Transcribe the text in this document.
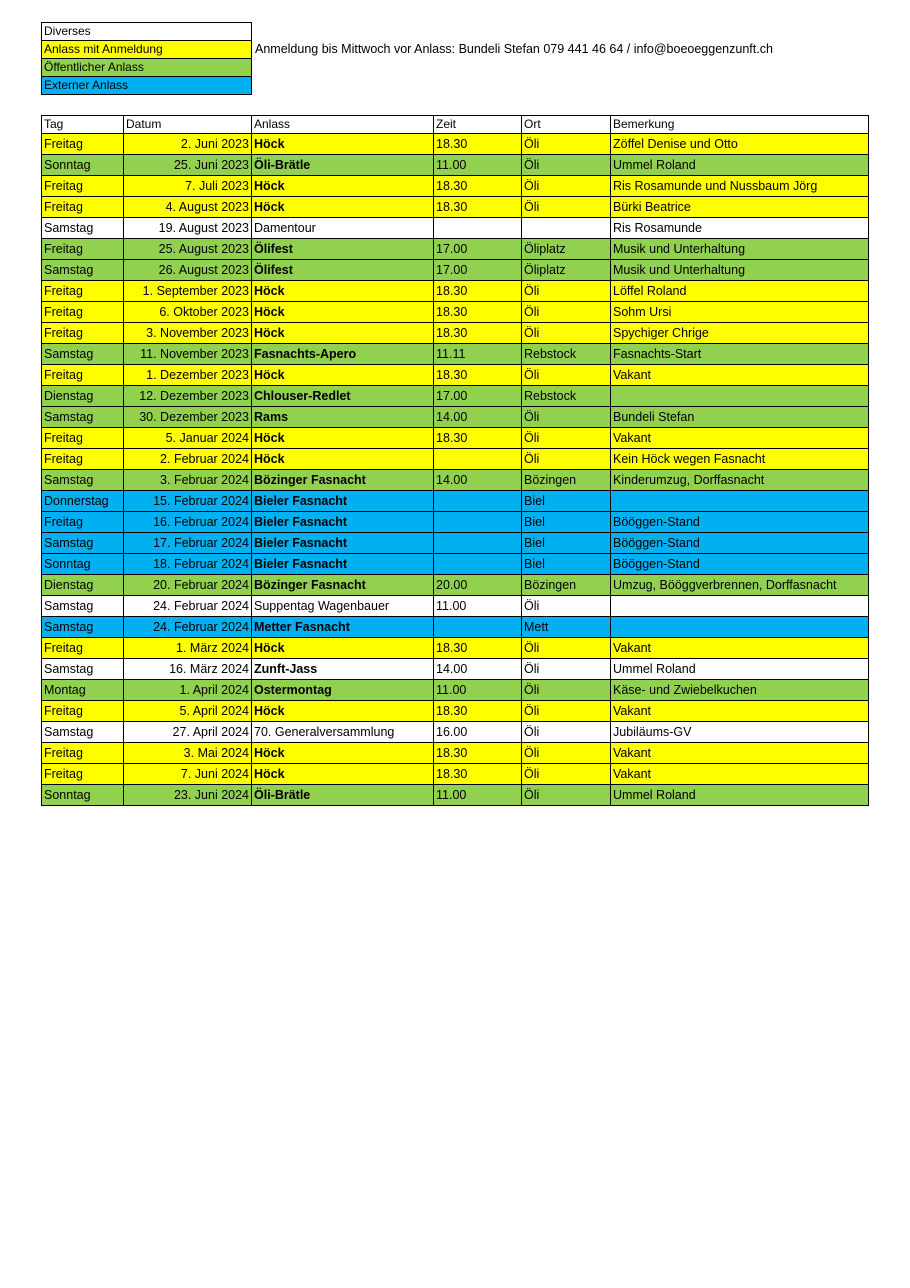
Diverses
Anlass mit Anmeldung
Öffentlicher Anlass
Externer Anlass
Anmeldung bis Mittwoch vor Anlass: Bundeli Stefan 079 441 46 64 / info@boeoeggenzunft.ch
Tag	Datum	Anlass	Zeit	Ort	Bemerkung
Freitag	2. Juni 2023	Höck	18.30	Öli	Zöffel Denise und Otto
Sonntag	25. Juni 2023	Öli-Brätle	11.00	Öli	Ummel Roland
Freitag	7. Juli 2023	Höck	18.30	Öli	Ris Rosamunde und Nussbaum Jörg
Freitag	4. August 2023	Höck	18.30	Öli	Bürki Beatrice
Samstag	19. August 2023	Damentour			Ris Rosamunde
Freitag	25. August 2023	Ölifest	17.00	Öliplatz	Musik und Unterhaltung
Samstag	26. August 2023	Ölifest	17.00	Öliplatz	Musik und Unterhaltung
Freitag	1. September 2023	Höck	18.30	Öli	Löffel Roland
Freitag	6. Oktober 2023	Höck	18.30	Öli	Sohm Ursi
Freitag	3. November 2023	Höck	18.30	Öli	Spychiger Chrige
Samstag	11. November 2023	Fasnachts-Apero	11.11	Rebstock	Fasnachts-Start
Freitag	1. Dezember 2023	Höck	18.30	Öli	Vakant
Dienstag	12. Dezember 2023	Chlouser-Redlet	17.00	Rebstock	
Samstag	30. Dezember 2023	Rams	14.00	Öli	Bundeli Stefan
Freitag	5. Januar 2024	Höck	18.30	Öli	Vakant
Freitag	2. Februar 2024	Höck		Öli	Kein Höck wegen Fasnacht
Samstag	3. Februar 2024	Bözinger Fasnacht	14.00	Bözingen	Kinderumzug, Dorffasnacht
Donnerstag	15. Februar 2024	Bieler Fasnacht		Biel	
Freitag	16. Februar 2024	Bieler Fasnacht		Biel	Bööggen-Stand
Samstag	17. Februar 2024	Bieler Fasnacht		Biel	Bööggen-Stand
Sonntag	18. Februar 2024	Bieler Fasnacht		Biel	Bööggen-Stand
Dienstag	20. Februar 2024	Bözinger Fasnacht	20.00	Bözingen	Umzug, Bööggverbrennen, Dorffasnacht
Samstag	24. Februar 2024	Suppentag Wagenbauer	11.00	Öli	
Samstag	24. Februar 2024	Metter Fasnacht		Mett	
Freitag	1. März 2024	Höck	18.30	Öli	Vakant
Samstag	16. März 2024	Zunft-Jass	14.00	Öli	Ummel Roland
Montag	1. April 2024	Ostermontag	11.00	Öli	Käse- und Zwiebelkuchen
Freitag	5. April 2024	Höck	18.30	Öli	Vakant
Samstag	27. April 2024	70. Generalversammlung	16.00	Öli	Jubiläums-GV
Freitag	3. Mai 2024	Höck	18.30	Öli	Vakant
Freitag	7. Juni 2024	Höck	18.30	Öli	Vakant
Sonntag	23. Juni 2024	Öli-Brätle	11.00	Öli	Ummel Roland
